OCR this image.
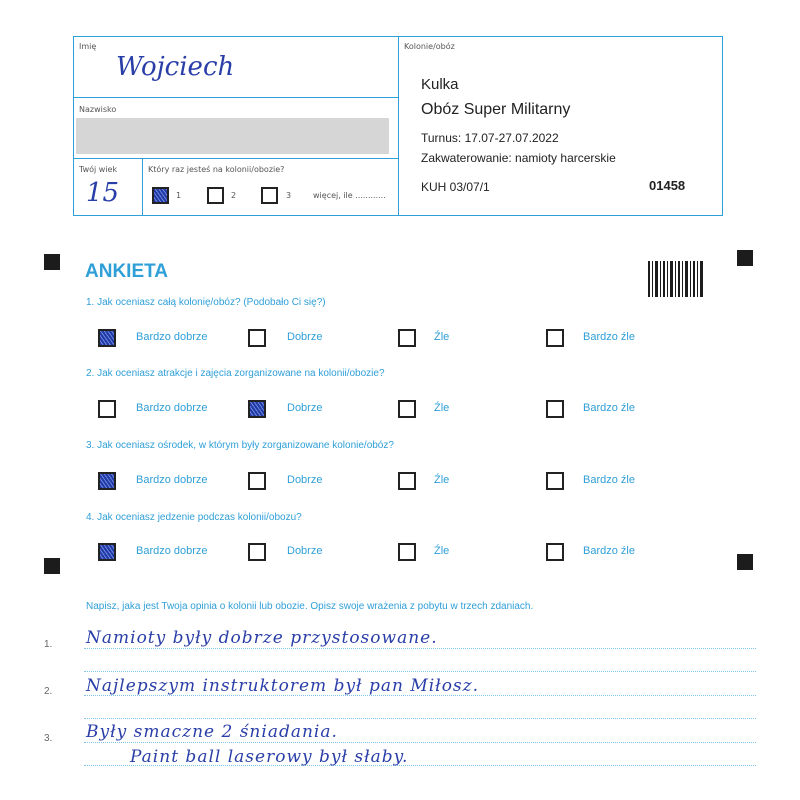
Imię
Wojciech
Nazwisko
Twój wiek
15
Który raz jesteś na kolonii/obozie?
1	2	3	więcej, ile ............
Kolonie/obóz
Kulka
Obóz Super Militarny
Turnus: 17.07-27.07.2022
Zakwaterowanie: namioty harcerskie
KUH 03/07/1	01458
ANKIETA
1. Jak oceniasz całą kolonię/obóz? (Podobało Ci się?)
2. Jak oceniasz atrakcje i zajęcia zorganizowane na kolonii/obozie?
3. Jak oceniasz ośrodek, w którym były zorganizowane kolonie/obóz?
4. Jak oceniasz jedzenie podczas kolonii/obozu?
Bardzo dobrze	Dobrze	Źle	Bardzo źle
Bardzo dobrze	Dobrze	Źle	Bardzo źle
Bardzo dobrze	Dobrze	Źle	Bardzo źle
Bardzo dobrze	Dobrze	Źle	Bardzo źle
Napisz, jaka jest Twoja opinia o kolonii lub obozie. Opisz swoje wrażenia z pobytu w trzech zdaniach.
1.
2.
3.
Namioty były dobrze przystosowane.
Najlepszym instruktorem był pan Miłosz.
Były smaczne 2 śniadania.
Paint ball laserowy był słaby.
